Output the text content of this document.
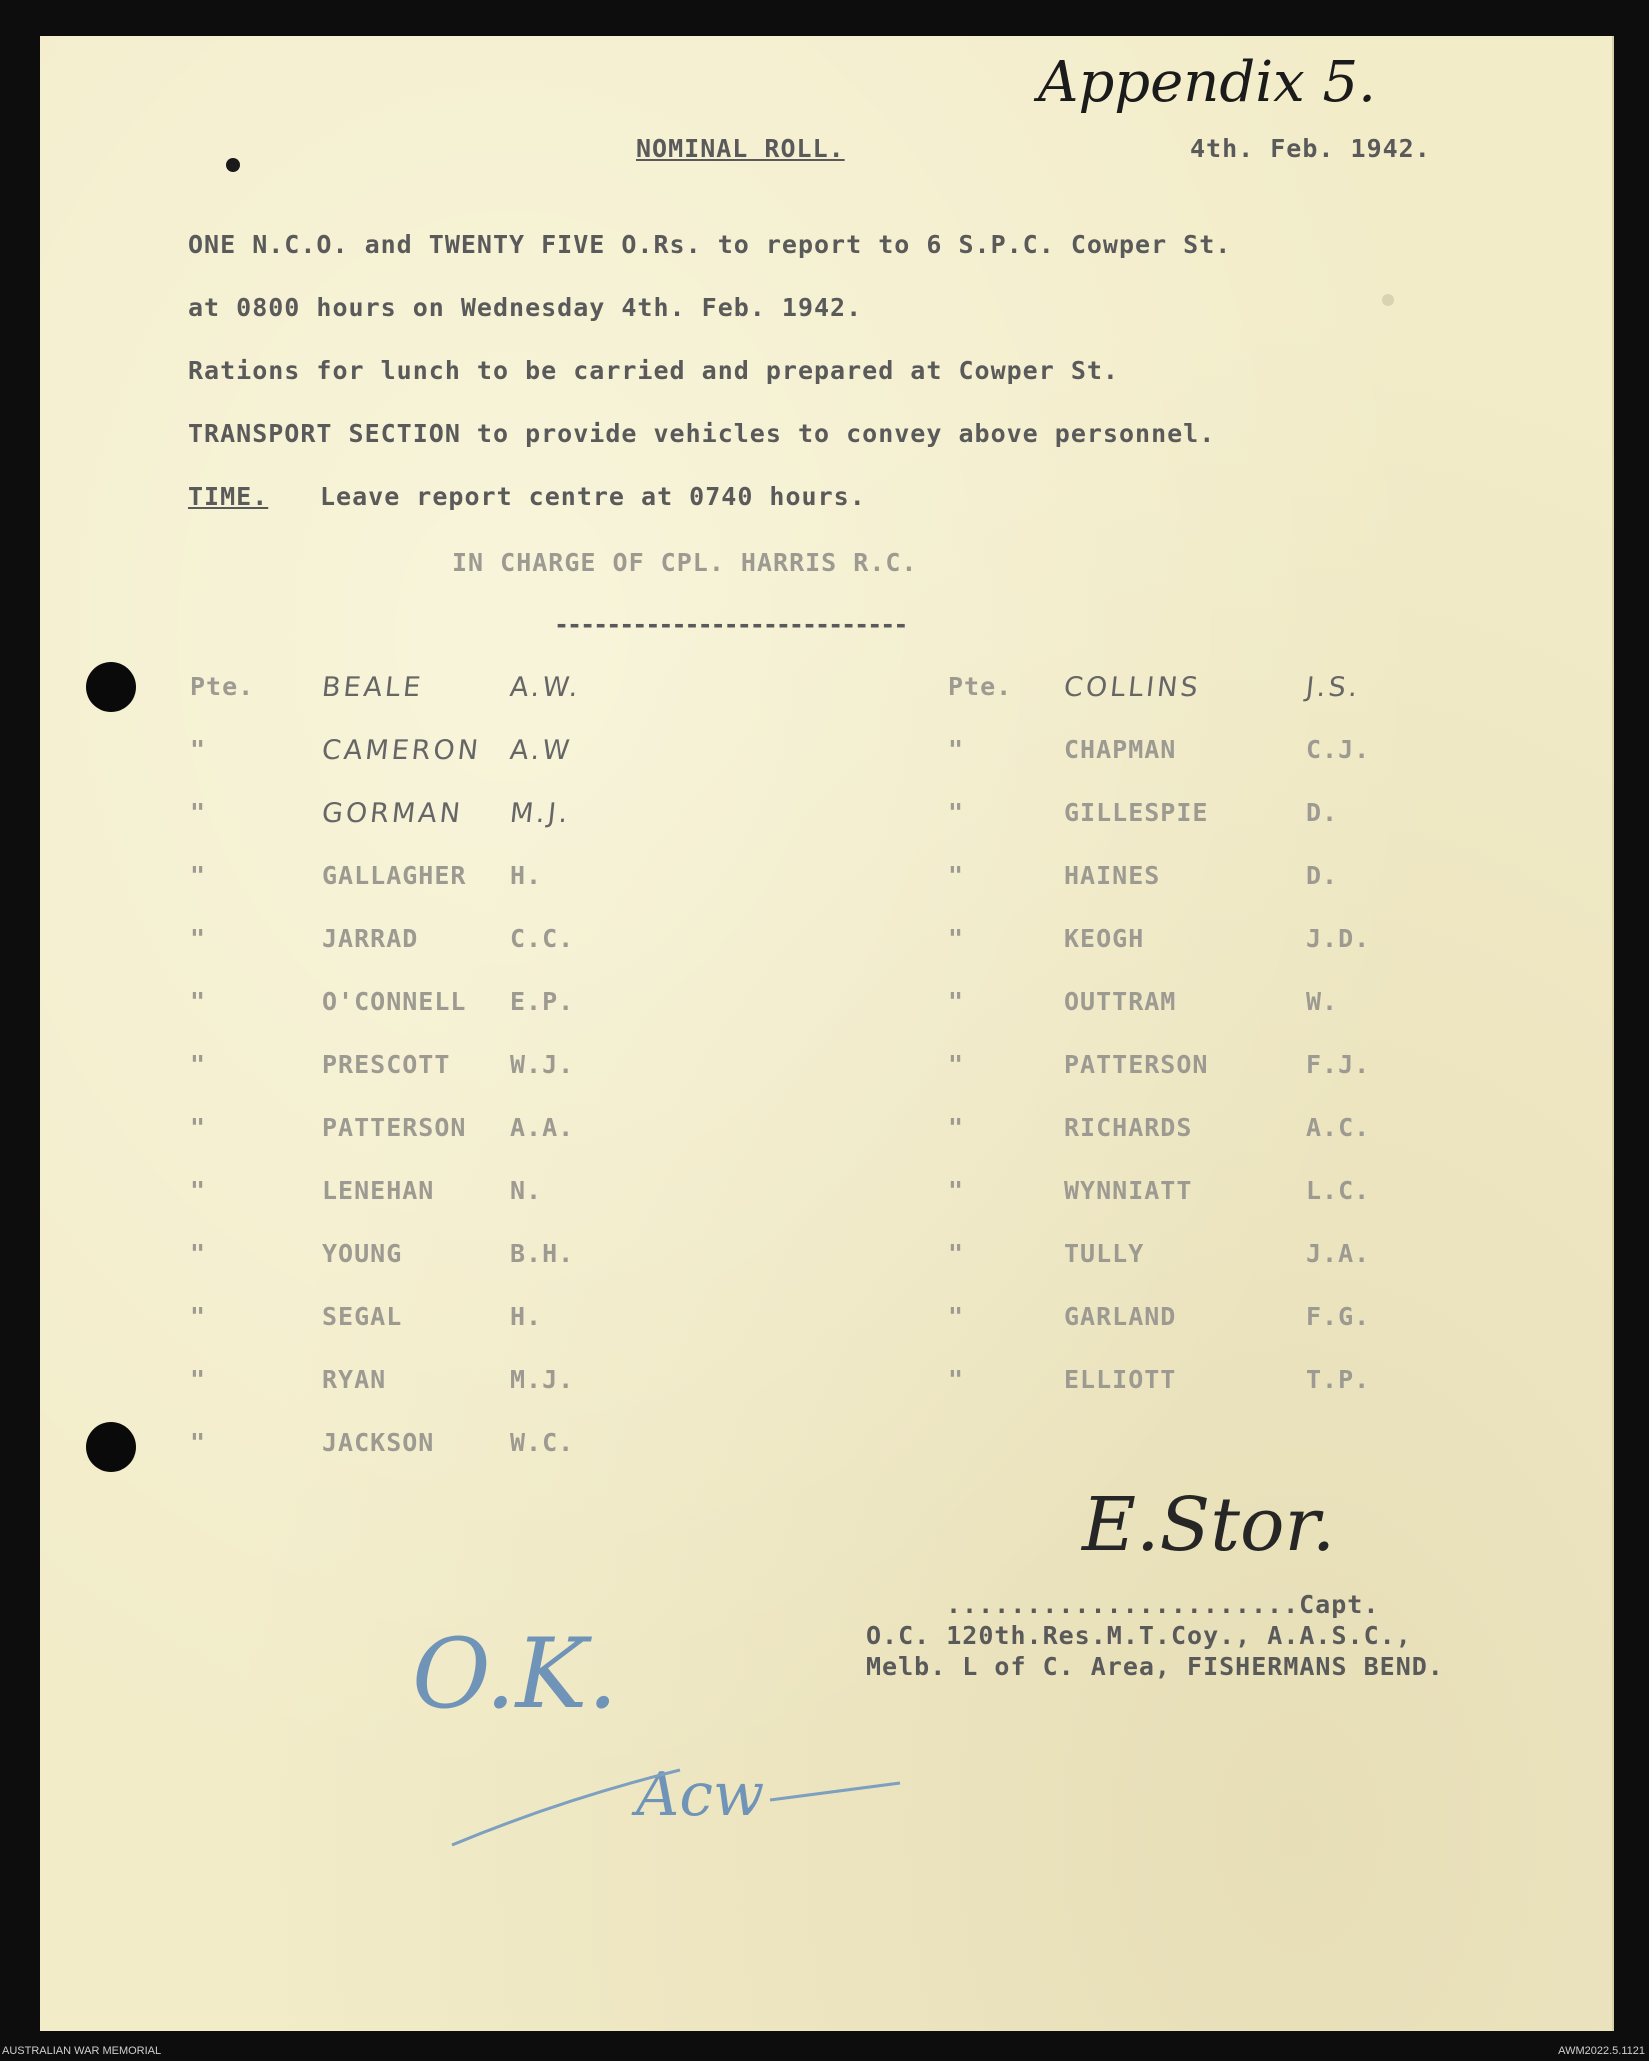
Appendix 5.
NOMINAL ROLL.	4th. Feb. 1942.
ONE N.C.O. and TWENTY FIVE O.Rs. to report to 6 S.P.C. Cowper St.
at 0800 hours on Wednesday 4th. Feb. 1942.
Rations for lunch to be carried and prepared at Cowper St.
TRANSPORT SECTION to provide vehicles to convey above personnel.
TIME. Leave report centre at 0740 hours.
IN CHARGE OF CPL. HARRIS R.C.
---------------------------
Pte. BEALE	A.W.
"	CAMERON A.W
"	GORMAN M.J.
"	GALLAGHER H.
"	JARRAD	C.C.
"	O'CONNELL E.P.
"	PRESCOTT W.J.
"	PATTERSON A.A.
"	LENEHAN	N.
"	YOUNG	B.H.
"	SEGAL	H.
"	RYAN	M.J.
"	JACKSON	W.C.
Pte. COLLINS	J.S.
"	CHAPMAN	C.J.
"	GILLESPIE	D.
"	HAINES	D.
"	KEOGH	J.D.
"	OUTTRAM	W.
"	PATTERSON	F.J.
"	RICHARDS	A.C.
"	WYNNIATT	L.C.
"	TULLY	J.A.
"	GARLAND	F.G.
"	ELLIOTT	T.P.
E.Stor.
......................Capt.
O.C. 120th.Res.M.T.Coy., A.A.S.C.,
Melb. L of C. Area, FISHERMANS BEND.
O.K.
Acw
AUSTRALIAN WAR MEMORIAL	AWM2022.5.1121
